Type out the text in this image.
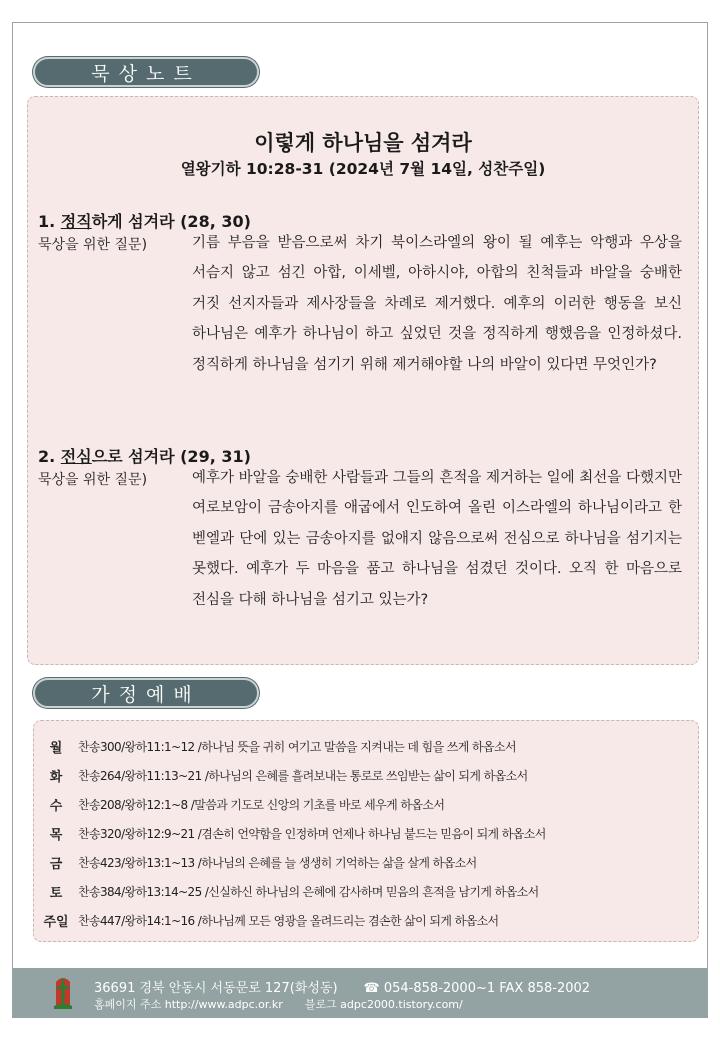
묵상노트
이렇게 하나님을 섬겨라
열왕기하 10:28-31 (2024년 7월 14일, 성찬주일)
1. 정직하게 섬겨라 (28, 30)
묵상을 위한 질문)	기름 부음을 받음으로써 차기 북이스라엘의 왕이 될 예후는 악행과 우상을 서슴지 않고 섬긴 아합, 이세벨, 아하시야, 아합의 친척들과 바알을 숭배한 거짓 선지자들과 제사장들을 차례로 제거했다. 예후의 이러한 행동을 보신 하나님은 예후가 하나님이 하고 싶었던 것을 정직하게 행했음을 인정하셨다. 정직하게 하나님을 섬기기 위해 제거해야할 나의 바알이 있다면 무엇인가?
2. 전심으로 섬겨라 (29, 31)
묵상을 위한 질문)	예후가 바알을 숭배한 사람들과 그들의 흔적을 제거하는 일에 최선을 다했지만 여로보암이 금송아지를 애굽에서 인도하여 올린 이스라엘의 하나님이라고 한 벧엘과 단에 있는 금송아지를 없애지 않음으로써 전심으로 하나님을 섬기지는 못했다. 예후가 두 마음을 품고 하나님을 섬겼던 것이다. 오직 한 마음으로 전심을 다해 하나님을 섬기고 있는가?
가정예배
월	찬송300/왕하11:1~12 /하나님 뜻을 귀히 여기고 말씀을 지켜내는 데 힘을 쓰게 하옵소서
화	찬송264/왕하11:13~21 /하나님의 은혜를 흘려보내는 통로로 쓰임받는 삶이 되게 하옵소서
수	찬송208/왕하12:1~8 /말씀과 기도로 신앙의 기초를 바로 세우게 하옵소서
목	찬송320/왕하12:9~21 /겸손히 언약함을 인정하며 언제나 하나님 붙드는 믿음이 되게 하옵소서
금	찬송423/왕하13:1~13 /하나님의 은혜를 늘 생생히 기억하는 삶을 살게 하옵소서
토	찬송384/왕하13:14~25 /신실하신 하나님의 은혜에 감사하며 믿음의 흔적을 남기게 하옵소서
주일 찬송447/왕하14:1~16 /하나님께 모든 영광을 올려드리는 겸손한 삶이 되게 하옵소서
36691 경북 안동시 서동문로 127(화성동) ☎ 054-858-2000~1 FAX 858-2002
홈페이지 주소 http://www.adpc.or.kr 블로그 adpc2000.tistory.com/
